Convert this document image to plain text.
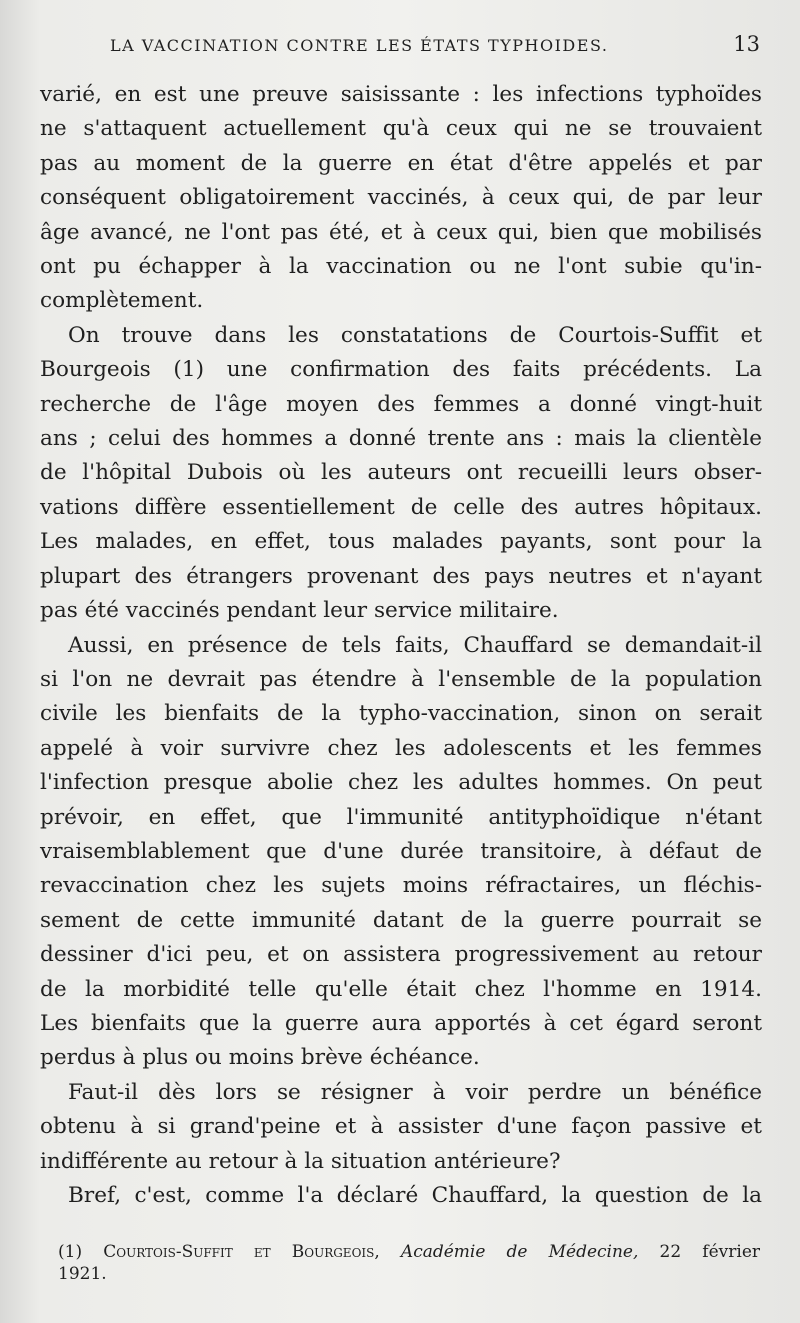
LA VACCINATION CONTRE LES ÉTATS TYPHOIDES.	13
varié, en est une preuve saisissante : les infections typhoïdes
ne s'attaquent actuellement qu'à ceux qui ne se trouvaient
pas au moment de la guerre en état d'être appelés et par
conséquent obligatoirement vaccinés, à ceux qui, de par leur
âge avancé, ne l'ont pas été, et à ceux qui, bien que mobilisés
ont pu échapper à la vaccination ou ne l'ont subie qu'in-
complètement.
On trouve dans les constatations de Courtois-Suffit et
Bourgeois (1) une confirmation des faits précédents. La
recherche de l'âge moyen des femmes a donné vingt-huit
ans ; celui des hommes a donné trente ans : mais la clientèle
de l'hôpital Dubois où les auteurs ont recueilli leurs obser-
vations diffère essentiellement de celle des autres hôpitaux.
Les malades, en effet, tous malades payants, sont pour la
plupart des étrangers provenant des pays neutres et n'ayant
pas été vaccinés pendant leur service militaire.
Aussi, en présence de tels faits, Chauffard se demandait-il
si l'on ne devrait pas étendre à l'ensemble de la population
civile les bienfaits de la typho-vaccination, sinon on serait
appelé à voir survivre chez les adolescents et les femmes
l'infection presque abolie chez les adultes hommes. On peut
prévoir, en effet, que l'immunité antityphoïdique n'étant
vraisemblablement que d'une durée transitoire, à défaut de
revaccination chez les sujets moins réfractaires, un fléchis-
sement de cette immunité datant de la guerre pourrait se
dessiner d'ici peu, et on assistera progressivement au retour
de la morbidité telle qu'elle était chez l'homme en 1914.
Les bienfaits que la guerre aura apportés à cet égard seront
perdus à plus ou moins brève échéance.
Faut-il dès lors se résigner à voir perdre un bénéfice
obtenu à si grand'peine et à assister d'une façon passive et
indifférente au retour à la situation antérieure?
Bref, c'est, comme l'a déclaré Chauffard, la question de la
(1) Courtois-Suffit et Bourgeois, Académie de Médecine, 22 février
1921.
